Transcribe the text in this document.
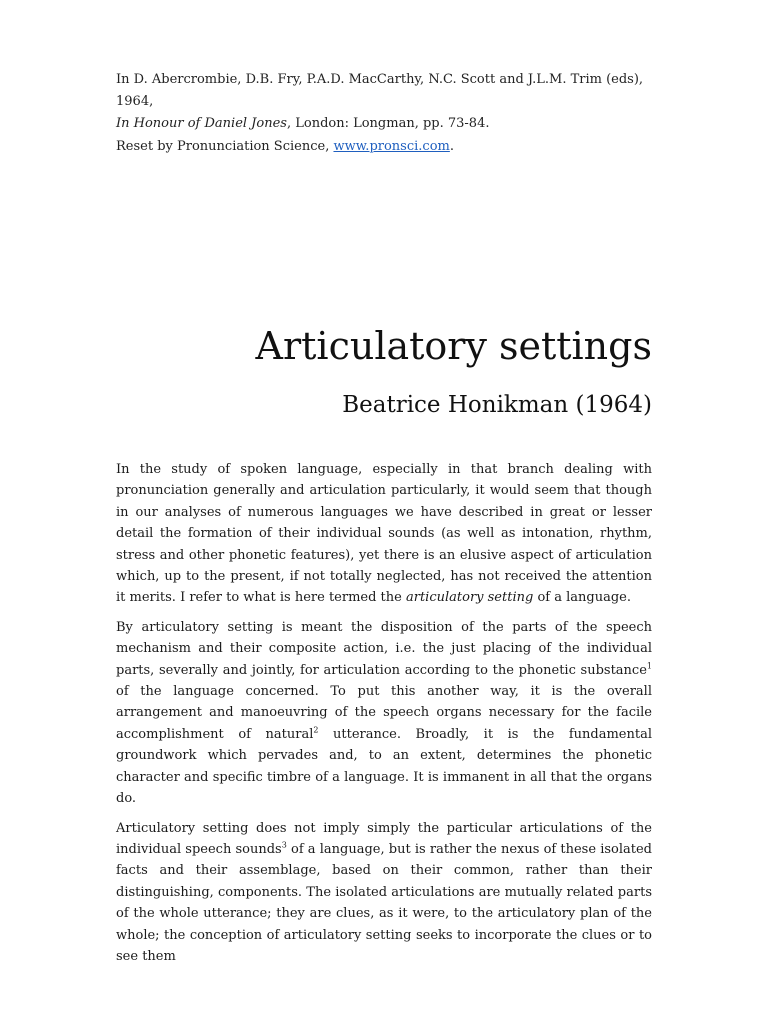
In D. Abercrombie, D.B. Fry, P.A.D. MacCarthy, N.C. Scott and J.L.M. Trim (eds), 1964,
In Honour of Daniel Jones, London: Longman, pp. 73-84.
Reset by Pronunciation Science, www.pronsci.com.
Articulatory settings
Beatrice Honikman (1964)

In the study of spoken language, especially in that branch dealing with pronunciation generally and articulation particularly, it would seem that though in our analyses of numerous languages we have described in great or lesser detail the formation of their individual sounds (as well as intonation, rhythm, stress and other phonetic features), yet there is an elusive aspect of articulation which, up to the present, if not totally neglected, has not received the attention it merits. I refer to what is here termed the articulatory setting of a language.

By articulatory setting is meant the disposition of the parts of the speech mechanism and their composite action, i.e. the just placing of the individual parts, severally and jointly, for articulation according to the phonetic substance$^1$ of the language concerned. To put this another way, it is the overall arrangement and manoeuvring of the speech organs necessary for the facile accomplishment of natural$^2$ utterance. Broadly, it is the fundamental groundwork which pervades and, to an extent, determines the phonetic character and specific timbre of a language. It is immanent in all that the organs do.

Articulatory setting does not imply simply the particular articulations of the individual speech sounds$^3$ of a language, but is rather the nexus of these isolated facts and their assemblage, based on their common, rather than their distinguishing, components. The isolated articulations are mutually related parts of the whole utterance; they are clues, as it were, to the articulatory plan of the whole; the conception of articulatory setting seeks to incorporate the clues or to see them
